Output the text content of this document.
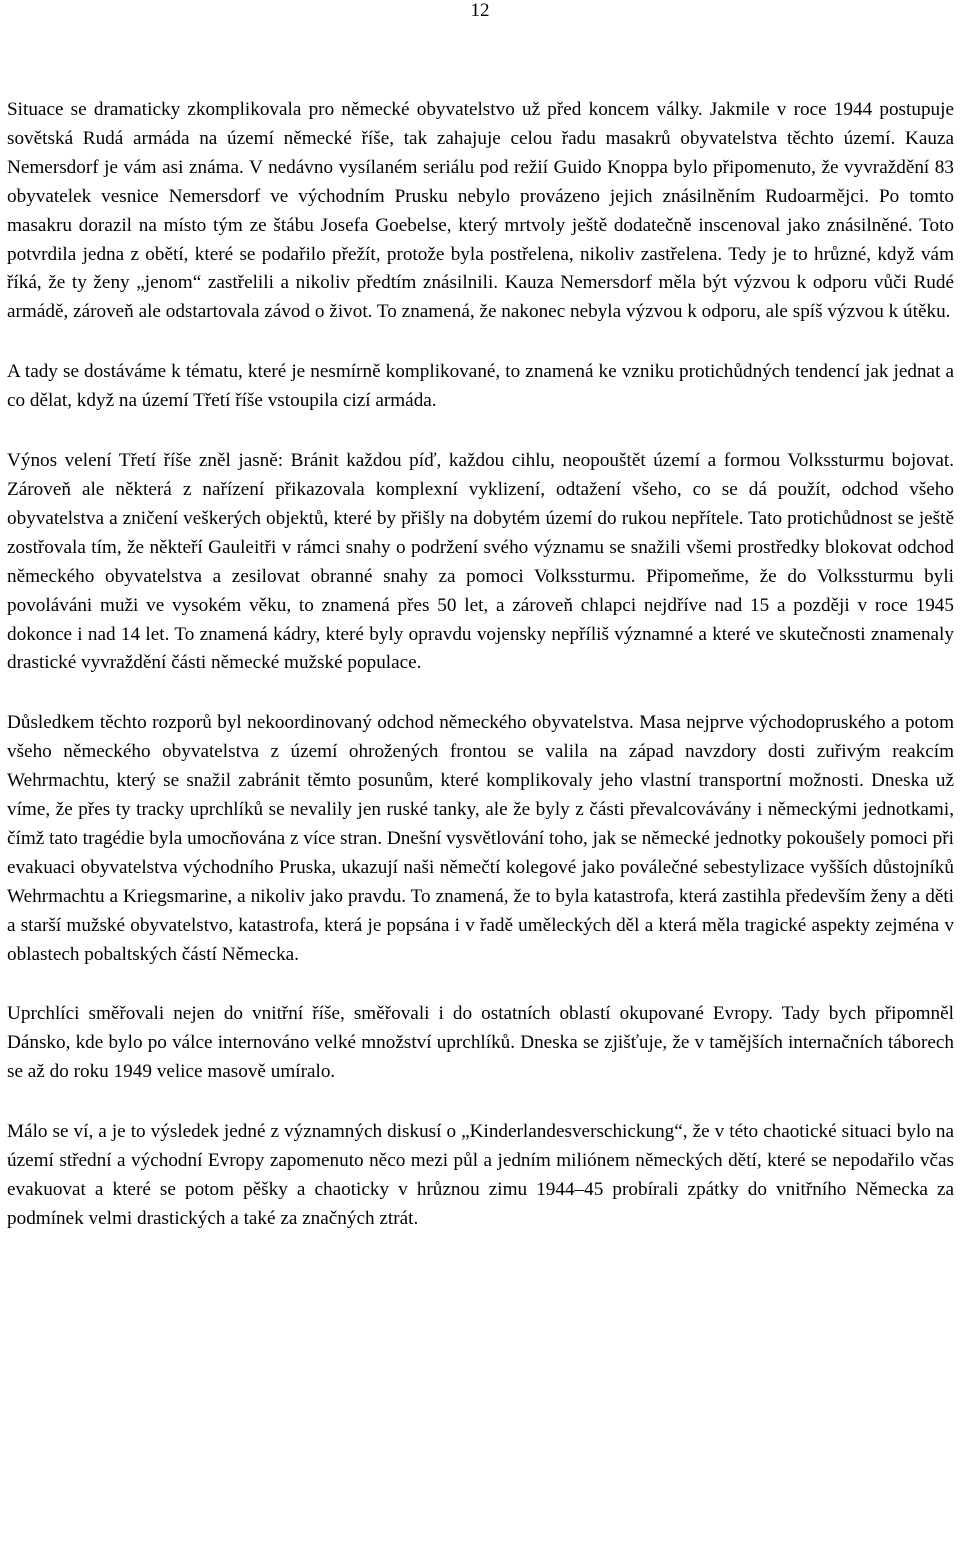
12

Situace se dramaticky zkomplikovala pro německé obyvatelstvo už před koncem války. Jakmile v roce 1944 postupuje sovětská Rudá armáda na území německé říše, tak zahajuje celou řadu masakrů obyvatelstva těchto území. Kauza Nemersdorf je vám asi známa. V nedávno vysílaném seriálu pod režií Guido Knoppa bylo připomenuto, že vyvraždění 83 obyvatelek vesnice Nemersdorf ve východním Prusku nebylo provázeno jejich znásilněním Rudoarmějci. Po tomto masakru dorazil na místo tým ze štábu Josefa Goebelse, který mrtvoly ještě dodatečně inscenoval jako znásilněné. Toto potvrdila jedna z obětí, které se podařilo přežít, protože byla postřelena, nikoliv zastřelena. Tedy je to hrůzné, když vám říká, že ty ženy „jenom“ zastřelili a nikoliv předtím znásilnili. Kauza Nemersdorf měla být výzvou k odporu vůči Rudé armádě, zároveň ale odstartovala závod o život. To znamená, že nakonec nebyla výzvou k odporu, ale spíš výzvou k útěku.

A tady se dostáváme k tématu, které je nesmírně komplikované, to znamená ke vzniku protichůdných tendencí jak jednat a co dělat, když na území Třetí říše vstoupila cizí armáda.

Výnos velení Třetí říše zněl jasně: Bránit každou píď, každou cihlu, neopouštět území a formou Volkssturmu bojovat. Zároveň ale některá z nařízení přikazovala komplexní vyklizení, odtažení všeho, co se dá použít, odchod všeho obyvatelstva a zničení veškerých objektů, které by přišly na dobytém území do rukou nepřítele. Tato protichůdnost se ještě zostřovala tím, že někteří Gauleitři v rámci snahy o podržení svého významu se snažili všemi prostředky blokovat odchod německého obyvatelstva a zesilovat obranné snahy za pomoci Volkssturmu. Připomeňme, že do Volkssturmu byli povoláváni muži ve vysokém věku, to znamená přes 50 let, a zároveň chlapci nejdříve nad 15 a později v roce 1945 dokonce i nad 14 let. To znamená kádry, které byly opravdu vojensky nepříliš významné a které ve skutečnosti znamenaly drastické vyvraždění části německé mužské populace.

Důsledkem těchto rozporů byl nekoordinovaný odchod německého obyvatelstva. Masa nejprve východopruského a potom všeho německého obyvatelstva z území ohrožených frontou se valila na západ navzdory dosti zuřivým reakcím Wehrmachtu, který se snažil zabránit těmto posunům, které komplikovaly jeho vlastní transportní možnosti. Dneska už víme, že přes ty tracky uprchlíků se nevalily jen ruské tanky, ale že byly z části převalcovávány i německými jednotkami, čímž tato tragédie byla umocňována z více stran. Dnešní vysvětlování toho, jak se německé jednotky pokoušely pomoci při evakuaci obyvatelstva východního Pruska, ukazují naši němečtí kolegové jako poválečné sebestylizace vyšších důstojníků Wehrmachtu a Kriegsmarine, a nikoliv jako pravdu. To znamená, že to byla katastrofa, která zastihla především ženy a děti a starší mužské obyvatelstvo, katastrofa, která je popsána i v řadě uměleckých děl a která měla tragické aspekty zejména v oblastech pobaltských částí Německa.

Uprchlíci směřovali nejen do vnitřní říše, směřovali i do ostatních oblastí okupované Evropy. Tady bych připomněl Dánsko, kde bylo po válce internováno velké množství uprchlíků. Dneska se zjišťuje, že v tamějších internačních táborech se až do roku 1949 velice masově umíralo.

Málo se ví, a je to výsledek jedné z významných diskusí o „Kinderlandesverschickung“, že v této chaotické situaci bylo na území střední a východní Evropy zapomenuto něco mezi půl a jedním miliónem německých dětí, které se nepodařilo včas evakuovat a které se potom pěšky a chaoticky v hrůznou zimu 1944–45 probírali zpátky do vnitřního Německa za podmínek velmi drastických a také za značných ztrát.
